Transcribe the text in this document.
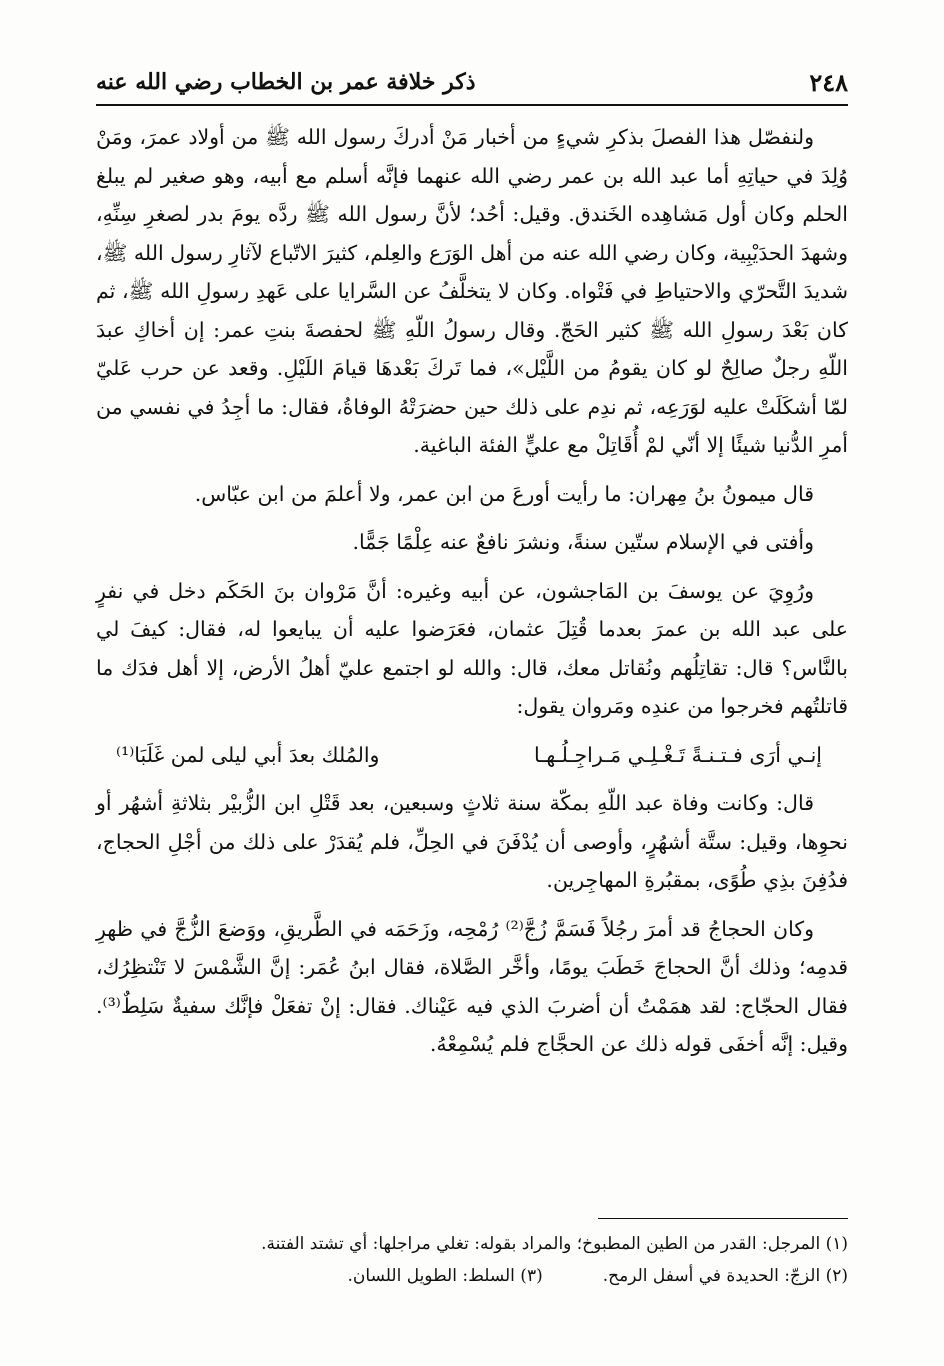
٢٤٨
ذكر خلافة عمر بن الخطاب رضي الله عنه

ولنفصّل هذا الفصلَ بذكرِ شيءٍ من أخبار مَنْ أدركَ رسول الله ﷺ من أولاد عمرَ، ومَنْ وُلِدَ في حياتِهِ أما عبد الله بن عمر رضي الله عنهما فإنَّه أسلم مع أبيه، وهو صغير لم يبلغ الحلم وكان أول مَشاهِده الخَندق. وقيل: أحُد؛ لأنَّ رسول الله ﷺ ردَّه يومَ بدر لصغرِ سِنِّهِ، وشهدَ الحدَيْبِية، وكان رضي الله عنه من أهل الوَرَع والعِلم، كثيرَ الاتّباع لآثارِ رسول الله ﷺ، شديدَ التَّحرّي والاحتياطِ في فَتْواه. وكان لا يتخلَّفُ عن السَّرايا على عَهدِ رسولِ الله ﷺ، ثم كان بَعْدَ رسولِ الله ﷺ كثير الحَجّ. وقال رسولُ اللّهِ ﷺ لحفصةَ بنتِ عمر: إن أخاكِ عبدَ اللّهِ رجلٌ صالِحٌ لو كان يقومُ من اللَّيْل»، فما تَركَ بَعْدهَا قيامَ اللَيْلِ. وقعد عن حرب عَليّ لمّا أشكَلَتْ عليه لوَرَعِه، ثم ندِم على ذلك حين حضرَتْهُ الوفاةُ، فقال: ما أجِدُ في نفسي من أمرِ الدُّنيا شيئًا إلا أنّي لمْ أُقَاتِلْ مع عليٍّ الفئة الباغية.

قال ميمونُ بنُ مِهران: ما رأيت أورعَ من ابن عمر، ولا أعلمَ من ابن عبّاس.

وأفتى في الإسلام ستّين سنةً، ونشرَ نافعٌ عنه عِلْمًا جَمًّا.

ورُوِيَ عن يوسفَ بن المَاجشون، عن أبيه وغيره: أنَّ مَرْوان بنَ الحَكَم دخل في نفرٍ على عبد الله بن عمرَ بعدما قُتِلَ عثمان، فعَرَضوا عليه أن يبايعوا له، فقال: كيفَ لي بالنَّاس؟ قال: تقاتِلُهم ونُقاتل معك، قال: والله لو اجتمع عليّ أهلُ الأرض، إلا أهل فدَك ما قاتلتُهم فخرجوا من عندِه ومَروان يقول:

إنـي أرَى فـتـنـةً تَـغْـلِـي مَـراجِـلُـهـا
والمُلك بعدَ أبي ليلى لمن غَلَبَا⁽¹⁾

قال: وكانت وفاة عبد اللّهِ بمكّة سنة ثلاثٍ وسبعين، بعد قَتْلِ ابن الزُّبيْر بثلاثةِ أشهُر أو نحوِها، وقيل: ستَّة أشهُرٍ، وأوصى أن يُدْفَنَ في الحِلِّ، فلم يُقدَرْ على ذلك من أجْلِ الحجاج، فدُفِنَ بذِي طُوًى، بمقبُرةِ المهاجِرين.

وكان الحجاجُ قد أمرَ رجُلاً فَسَمَّ زُجَّ⁽²⁾ رُمْحِه، وزَحَمَه في الطَّريقِ، ووَضعَ الزُّجَّ في ظهرِ قدمِه؛ وذلك أنَّ الحجاجَ خَطَبَ يومًا، وأخَّر الصَّلاة، فقال ابنُ عُمَر: إنَّ الشَّمْسَ لا تَنْتظِرُك، فقال الحجّاج: لقد همَمْتُ أن أضربَ الذي فيه عَيْناك. فقال: إنْ تفعَلْ فإنَّك سفيةٌ سَلِطٌ⁽³⁾. وقيل: إنَّه أخفَى قوله ذلك عن الحجَّاج فلم يُسْمِعْهُ.

(١) المرجل: القدر من الطين المطبوخ؛ والمراد بقوله: تغلي مراجلها: أي تشتد الفتنة.
(٢) الزجّ: الحديدة في أسفل الرمح.(٣) السلط: الطويل اللسان.
